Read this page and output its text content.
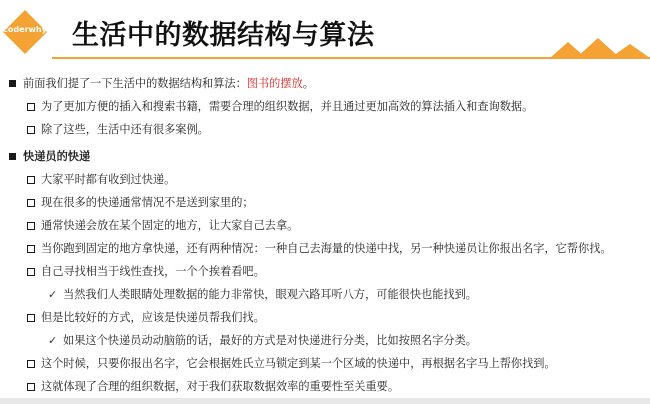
coderwhy 生活中的数据结构与算法
前面我们提了一下生活中的数据结构和算法：图书的摆放。
为了更加方便的插入和搜索书籍，需要合理的组织数据，并且通过更加高效的算法插入和查询数据。
除了这些，生活中还有很多案例。
快递员的快递
大家平时都有收到过快递。
现在很多的快递通常情况不是送到家里的；
通常快递会放在某个固定的地方，让大家自己去拿。
当你跑到固定的地方拿快递，还有两种情况：一种自己去海量的快递中找，另一种快递员让你报出名字，它帮你找。
自己寻找相当于线性查找，一个个挨着看吧。
✓ 当然我们人类眼睛处理数据的能力非常快，眼观六路耳听八方，可能很快也能找到。
但是比较好的方式，应该是快递员帮我们找。
✓ 如果这个快递员动动脑筋的话，最好的方式是对快递进行分类，比如按照名字分类。
这个时候，只要你报出名字，它会根据姓氏立马锁定到某一个区域的快递中，再根据名字马上帮你找到。
这就体现了合理的组织数据，对于我们获取数据效率的重要性至关重要。
